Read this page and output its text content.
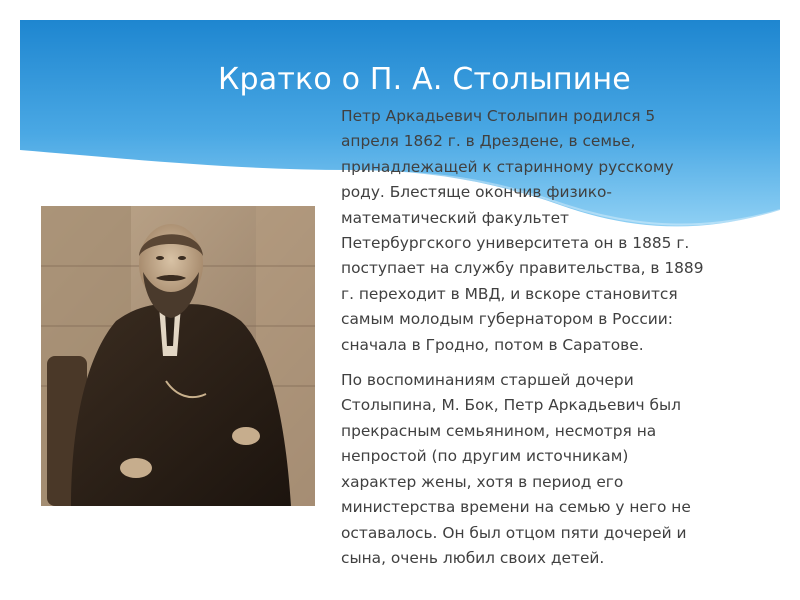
Кратко о П. А. Столыпине

Петр Аркадьевич Столыпин родился 5
апреля 1862 г. в Дрездене, в семье,
принадлежащей к старинному русскому
роду. Блестяще окончив физико-
математический факультет
Петербургского университета он в 1885 г.
поступает на службу правительства, в 1889
г. переходит в МВД, и вскоре становится
самым молодым губернатором в России:
сначала в Гродно, потом в Саратове.

По воспоминаниям старшей дочери
Столыпина, М. Бок, Петр Аркадьевич был
прекрасным семьянином, несмотря на
непростой (по другим источникам)
характер жены, хотя в период его
министерства времени на семью у него не
оставалось. Он был отцом пяти дочерей и
сына, очень любил своих детей.
